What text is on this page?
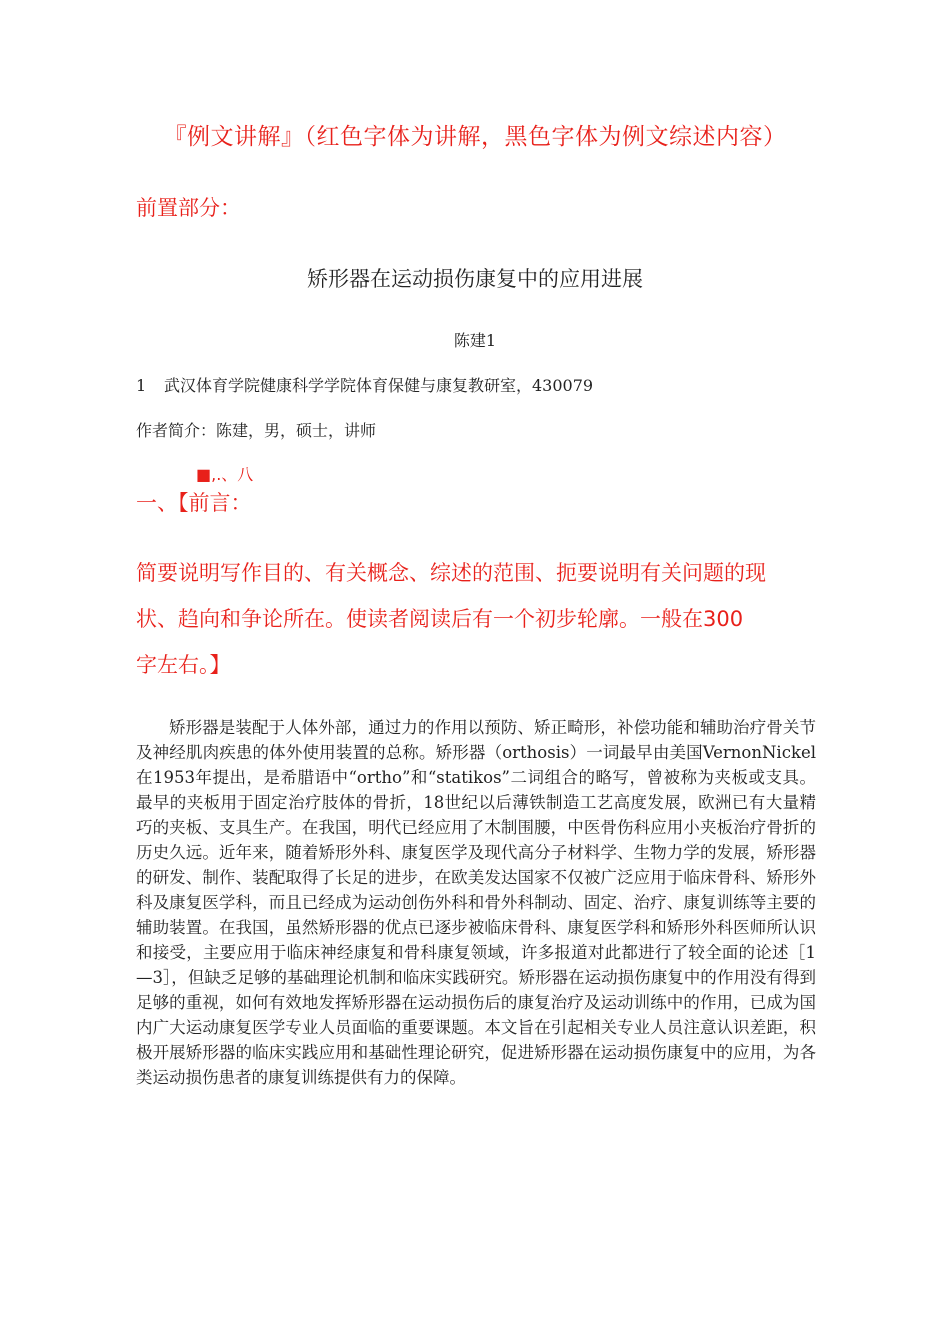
『例文讲解』（红色字体为讲解，黑色字体为例文综述内容）
前置部分：
矫形器在运动损伤康复中的应用进展
陈建1
1 武汉体育学院健康科学学院体育保健与康复教研室，430079
作者简介：陈建，男，硕士，讲师
■,.、八
一、【前言：

简要说明写作目的、有关概念、综述的范围、扼要说明有关问题的现

状、趋向和争论所在。使读者阅读后有一个初步轮廓。一般在300

字左右。】

矫形器是装配于人体外部，通过力的作用以预防、矫正畸形，补偿功能和辅助治疗骨关节及神经肌肉疾患的体外使用装置的总称。矫形器（orthosis）一词最早由美国VernonNickel在1953年提出，是希腊语中“ortho”和“statikos”二词组合的略写，曾被称为夹板或支具。最早的夹板用于固定治疗肢体的骨折，18世纪以后薄铁制造工艺高度发展，欧洲已有大量精巧的夹板、支具生产。在我国，明代已经应用了木制围腰，中医骨伤科应用小夹板治疗骨折的历史久远。近年来，随着矫形外科、康复医学及现代高分子材料学、生物力学的发展，矫形器的研发、制作、装配取得了长足的进步，在欧美发达国家不仅被广泛应用于临床骨科、矫形外科及康复医学科，而且已经成为运动创伤外科和骨外科制动、固定、治疗、康复训练等主要的辅助装置。在我国，虽然矫形器的优点已逐步被临床骨科、康复医学科和矫形外科医师所认识和接受，主要应用于临床神经康复和骨科康复领域，许多报道对此都进行了较全面的论述［1—3］，但缺乏足够的基础理论机制和临床实践研究。矫形器在运动损伤康复中的作用没有得到足够的重视，如何有效地发挥矫形器在运动损伤后的康复治疗及运动训练中的作用，已成为国内广大运动康复医学专业人员面临的重要课题。本文旨在引起相关专业人员注意认识差距，积极开展矫形器的临床实践应用和基础性理论研究，促进矫形器在运动损伤康复中的应用，为各类运动损伤患者的康复训练提供有力的保障。
